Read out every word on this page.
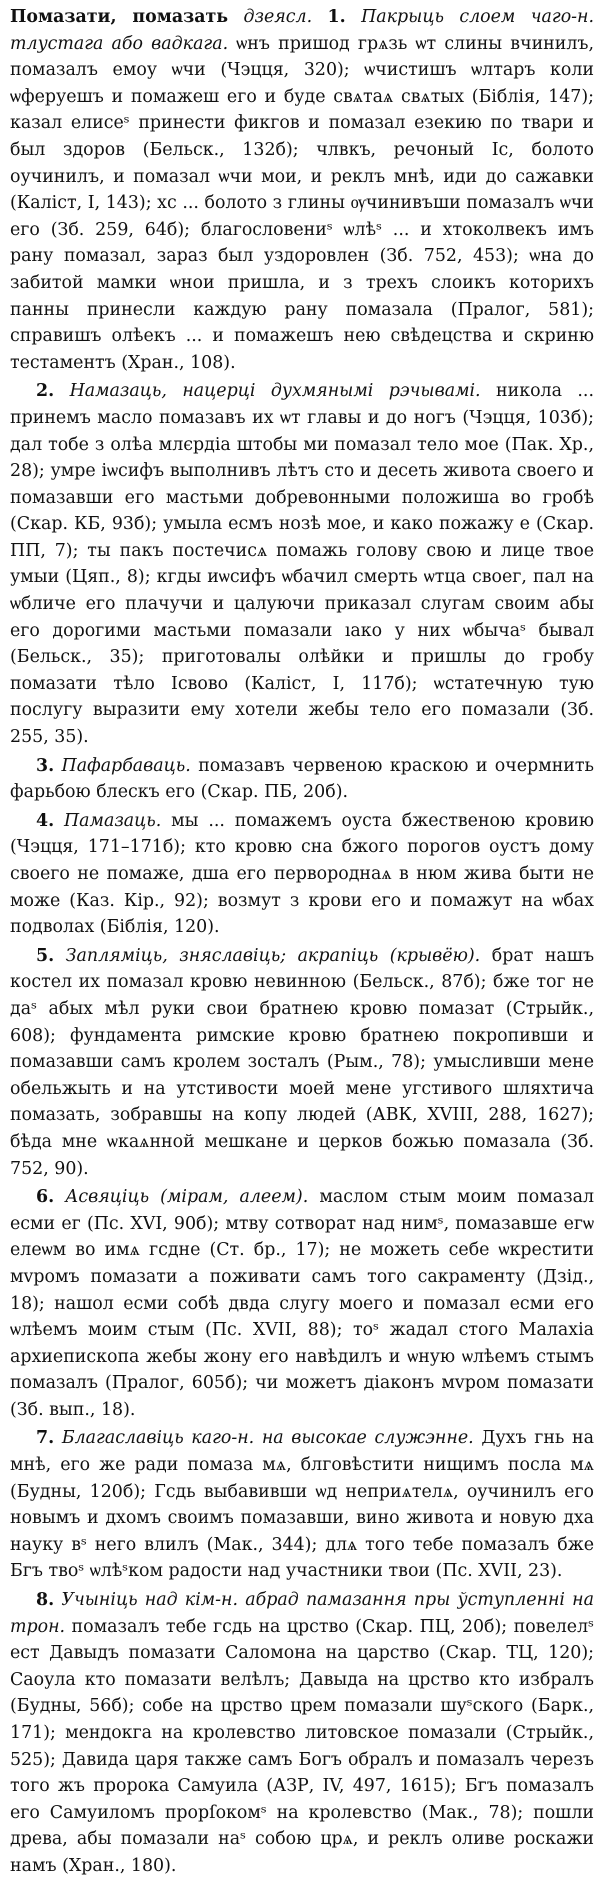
Помазати, помазать дзеясл. 1. Пакрыць слоем чаго-н. тлустага або вадкага. ѡнъ пришод грѧзь ѡт слины вчинилъ, помазалъ емоу ѡчи (Чэцця, 320); ѡчистишъ ѡлтаръ коли ѡферуешъ и помажеш его и буде свѧтаѧ свѧтых (Біблія, 147); казал елисеˢ принести фикгов и помазал езекию по твари и был здоров (Бельск., 132б); члвкъ, речоный Іс, болото оучинилъ, и помазал ѡчи мои, и реклъ мнѣ, иди до сажавки (Каліст, І, 143); хс ... болото з глины ѹчинивъши помазалъ ѡчи его (Зб. 259, 64б); благословениˢ ѡлѣˢ ... и хтоколвекъ имъ рану помазал, зараз был уздоровлен (Зб. 752, 453); ѡна до забитой мамки ѡнои пришла, и з трехъ слоикъ которихъ панны принесли каждую рану помазала (Пралог, 581); справишъ олѣекъ ... и помажешъ нею свѣдецства и скриню тестаментъ (Хран., 108).

2. Намазаць, нацерці духмянымі рэчывамі. никола ... принемъ масло помазавъ их ѡт главы и до ногъ (Чэцця, 103б); дал тобе з олѣа млєрдіа штобы ми помазал тело мое (Пак. Хр., 28); умре іѡсифъ выполнивъ лѣтъ сто и десеть живота своего и помазавши его мастьми добревонными положиша во гробѣ (Скар. КБ, 93б); умыла есмъ нозѣ мое, и како пожажу е (Скар. ПП, 7); ты пакъ постечисѧ помажь голову свою и лице твое умыи (Цяп., 8); кгды иѡсифъ ѡбачил смерть ѡтца своег, пал на ѡбличе его плачучи и цалуючи приказал слугам своим абы его дорогими мастьми помазали ıако у них ѡбычаˢ бывал (Бельск., 35); приготовалы олѣйки и пришлы до гробу помазати тѣло Ісвово (Каліст, І, 117б); ѡстатечную тую послугу выразити ему хотели жебы тело его помазали (Зб. 255, 35).

3. Пафарбаваць. помазавъ червеною краскою и очермнить фарьбою блескъ его (Скар. ПБ, 20б).

4. Памазаць. мы ... помажемъ оуста бжественою кровию (Чэцця, 171–171б); кто кровю сна бжого порогов оустъ дому своего не помаже, дша его первороднаѧ в нюм жива быти не може (Каз. Кір., 92); возмут з крови его и помажут на ѡбах подволах (Біблія, 120).

5. Запляміць, зняславіць; акрапіць (крывёю). брат нашъ костел их помазал кровю невинною (Бельск., 87б); бже тог не даˢ абых мѣл руки свои братнею кровю помазат (Стрыйк., 608); фундамента римские кровю братнею покропивши и помазавши самъ кролем зосталъ (Рым., 78); умысливши мене обельжыть и на утстивости моей мене угстивого шляхтича помазать, зобравшы на копу людей (АВК, XVIII, 288, 1627); бѣда мне ѡкаѧнной мешкане и церков божью помазала (Зб. 752, 90).

6. Асвяціць (мірам, алеем). маслом стым моим помазал есми ег (Пс. XVI, 90б); мтву сотворат над нимˢ, помазавше егѡ елеѡм во имѧ гсдне (Ст. бр., 17); не можеть себе ѡкрестити мvромъ помазати а поживати самъ того сакраменту (Дзід., 18); нашол есми собѣ двда слугу моего и помазал есми его ѡлѣемъ моим стым (Пс. XVII, 88); тоˢ жадал стого Малахіа архиепископа жебы жону его навѣдилъ и ѡную ѡлѣемъ стымъ помазалъ (Пралог, 605б); чи можетъ діаконъ мvром помазати (Зб. вып., 18).

7. Благаславіць каго-н. на высокае служэнне. Духъ гнь на мнѣ, его же ради помаза мѧ, блговѣстити нищимъ посла мѧ (Будны, 120б); Гсдь выбавивши ѡд неприѧтелѧ, оучинилъ его новымъ и дхомъ своимъ помазавши, вино живота и новую дха науку вˢ него влилъ (Мак., 344); длѧ того тебе помазалъ бже Бгъ твоˢ ѡлѣˢком радости над участники твои (Пс. XVII, 23).

8. Учыніць над кім-н. абрад памазання пры ўступленні на трон. помазалъ тебе гсдь на црство (Скар. ПЦ, 20б); повелелˢ ест Давыдъ помазати Саломона на царство (Скар. ТЦ, 120); Саоула кто помазати велѣлъ; Давыда на црство кто избралъ (Будны, 56б); собе на црство црем помазали шуˢского (Барк., 171); мендокга на кролевство литовское помазали (Стрыйк., 525); Давида царя также самъ Богъ обралъ и помазалъ черезъ того жъ пророка Самуила (АЗР, IV, 497, 1615); Бгъ помазалъ его Самуиломъ прорſокомˢ на кролевство (Мак., 78); пошли древа, абы помазали наˢ собою црѧ, и реклъ оливе роскажи намъ (Хран., 180).
